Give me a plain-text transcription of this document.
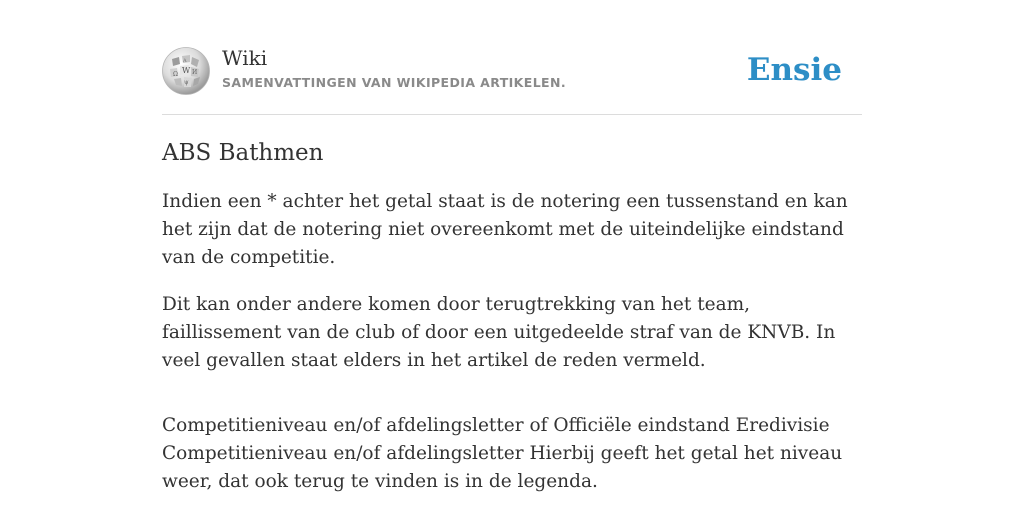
W
Ω И
ψ
A Wiki
SAMENVATTINGEN VAN WIKIPEDIA ARTIKELEN.	Ensie
ABS Bathmen

Indien een * achter het getal staat is de notering een tussenstand en kan het zijn dat de notering niet overeenkomt met de uiteindelijke eindstand van de competitie.

Dit kan onder andere komen door terugtrekking van het team, faillissement van de club of door een uitgedeelde straf van de KNVB. In veel gevallen staat elders in het artikel de reden vermeld.

Competitieniveau en/of afdelingsletter of Officiële eindstand Eredivisie Competitieniveau en/of afdelingsletter Hierbij geeft het getal het niveau weer, dat ook terug te vinden is in de legenda.
